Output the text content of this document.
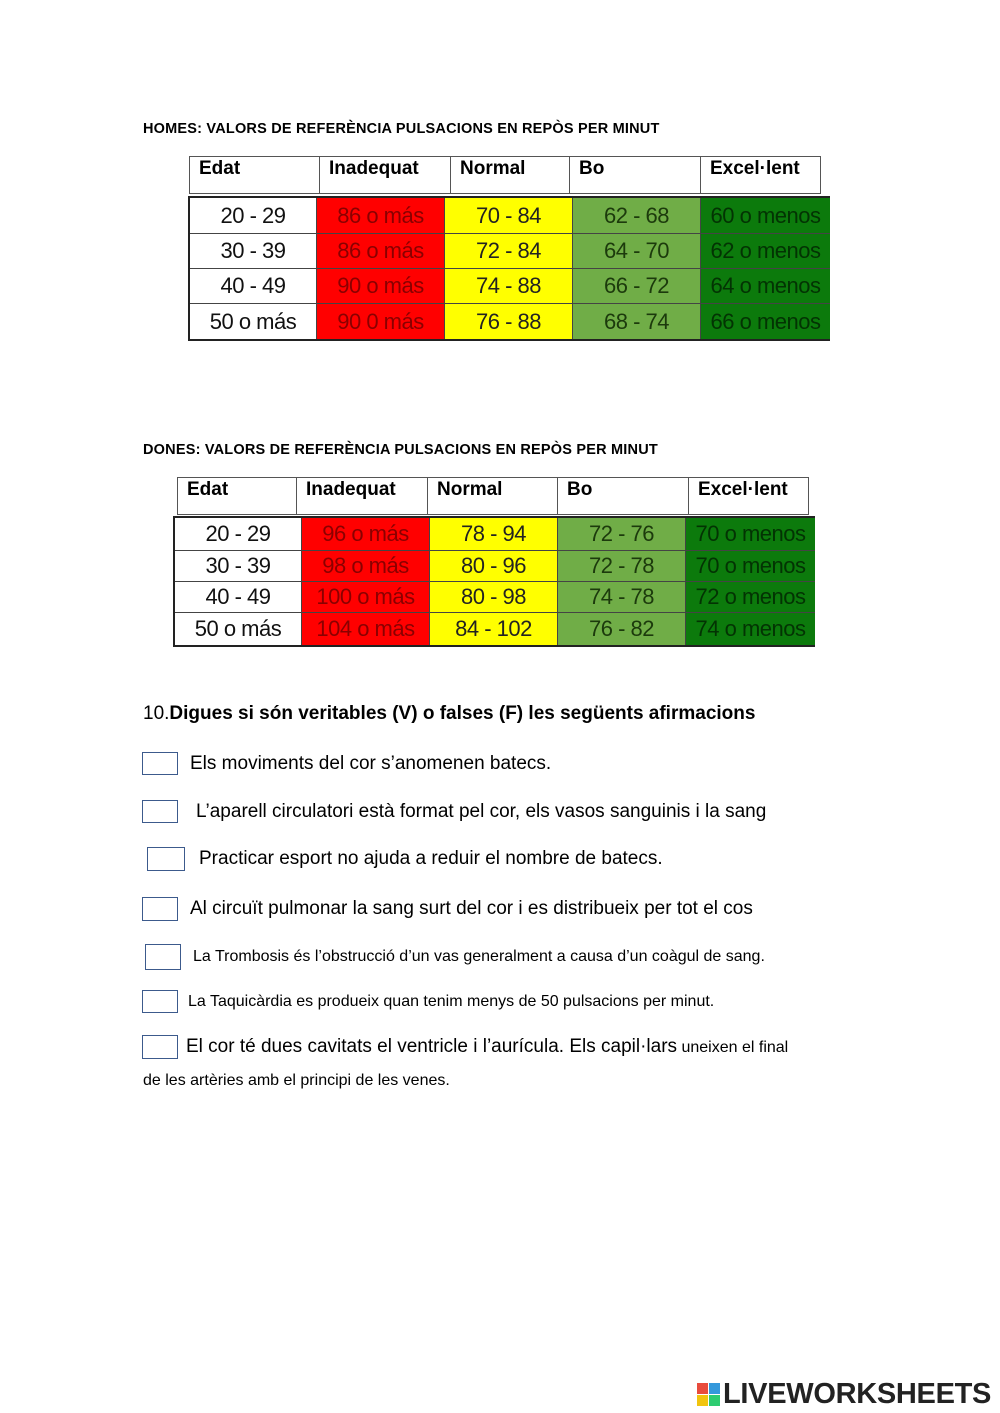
HOMES: VALORS DE REFERÈNCIA PULSACIONS EN REPÒS PER MINUT
Edat	Inadequat	Normal	Bo	Excel·lent
20 - 29	86 o más	70 - 84	62 - 68	60 o menos
30 - 39	86 o más	72 - 84	64 - 70	62 o menos
40 - 49	90 o más	74 - 88	66 - 72	64 o menos
50 o más	90 0 más	76 - 88	68 - 74	66 o menos
DONES: VALORS DE REFERÈNCIA PULSACIONS EN REPÒS PER MINUT
Edat	Inadequat	Normal	Bo	Excel·lent
20 - 29	96 o más	78 - 94	72 - 76	70 o menos
30 - 39	98 o más	80 - 96	72 - 78	70 o menos
40 - 49	100 o más	80 - 98	74 - 78	72 o menos
50 o más	104 o más	84 - 102	76 - 82	74 o menos
10.Digues si són veritables (V) o falses (F) les següents afirmacions
Els moviments del cor s’anomenen batecs.
L’aparell circulatori està format pel cor, els vasos sanguinis i la sang
Practicar esport no ajuda a reduir el nombre de batecs.
Al circuït pulmonar la sang surt del cor i es distribueix per tot el cos
La Trombosis és l’obstrucció d’un vas generalment a causa d’un coàgul de sang.
La Taquicàrdia es produeix quan tenim menys de 50 pulsacions per minut.
El cor té dues cavitats el ventricle i l’aurícula. Els capil·lars uneixen el final
de les artèries amb el principi de les venes.
LIVEWORKSHEETS
